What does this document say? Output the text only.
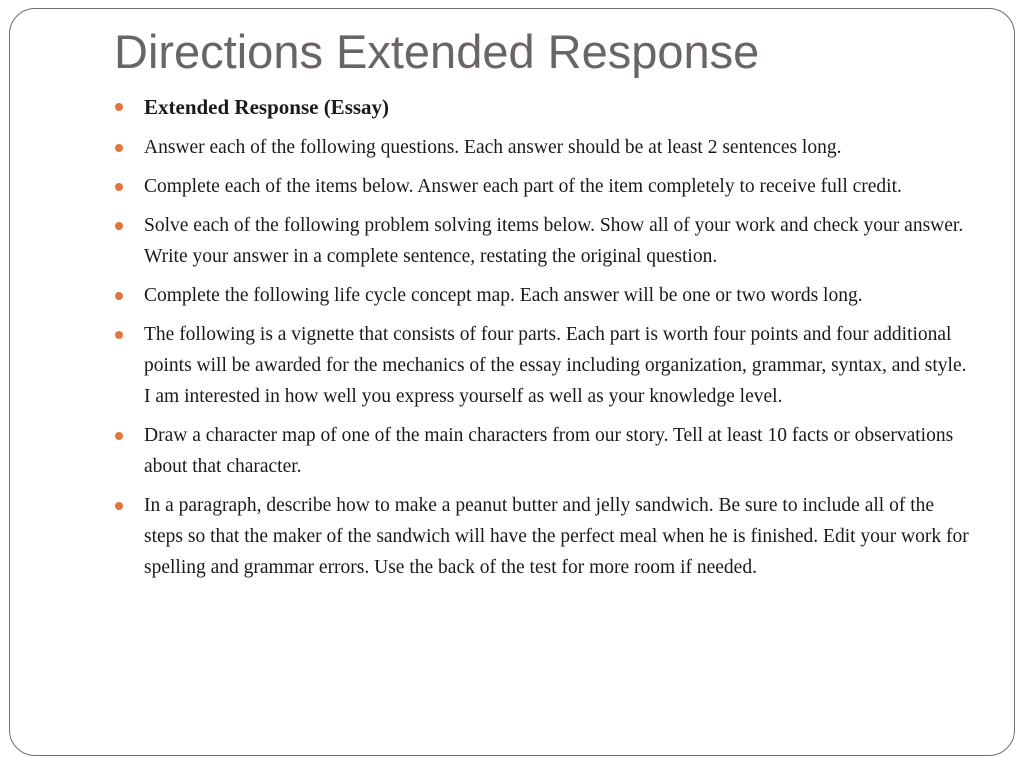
Directions Extended Response
Extended Response (Essay)
Answer each of the following questions. Each answer should be at least 2 sentences long.
Complete each of the items below. Answer each part of the item completely to receive full credit.
Solve each of the following problem solving items below. Show all of your work and check your answer. Write your answer in a complete sentence, restating the original question.
Complete the following life cycle concept map. Each answer will be one or two words long.
The following is a vignette that consists of four parts. Each part is worth four points and four additional points will be awarded for the mechanics of the essay including organization, grammar, syntax, and style. I am interested in how well you express yourself as well as your knowledge level.
Draw a character map of one of the main characters from our story. Tell at least 10 facts or observations about that character.
In a paragraph, describe how to make a peanut butter and jelly sandwich. Be sure to include all of the steps so that the maker of the sandwich will have the perfect meal when he is finished. Edit your work for spelling and grammar errors. Use the back of the test for more room if needed.
